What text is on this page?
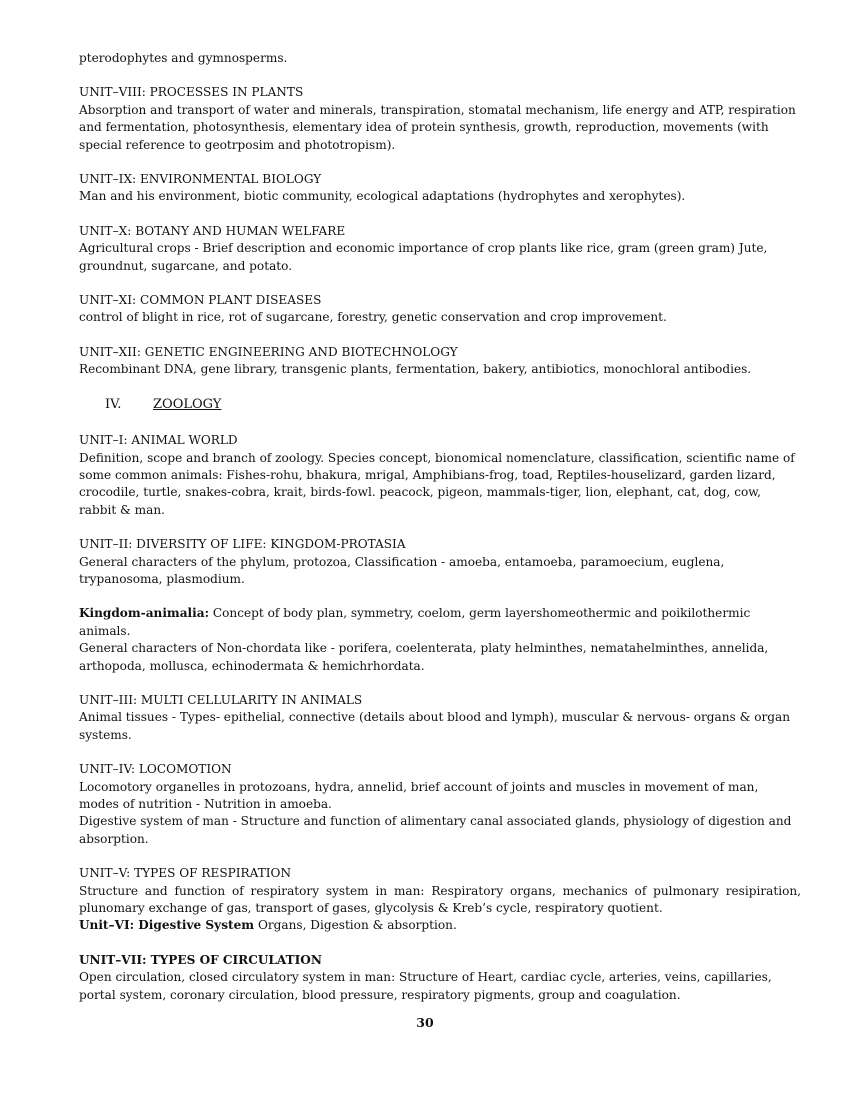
pterodophytes and gymnosperms.

UNIT–VIII: PROCESSES IN PLANTS

Absorption and transport of water and minerals, transpiration, stomatal mechanism, life energy and ATP, respiration and fermentation, photosynthesis, elementary idea of protein synthesis, growth, reproduction, movements (with special reference to geotrposim and phototropism).

UNIT–IX: ENVIRONMENTAL BIOLOGY

Man and his environment, biotic community, ecological adaptations (hydrophytes and xerophytes).

UNIT–X: BOTANY AND HUMAN WELFARE

Agricultural crops - Brief description and economic importance of crop plants like rice, gram (green gram) Jute, groundnut, sugarcane, and potato.

UNIT–XI: COMMON PLANT DISEASES

control of blight in rice, rot of sugarcane, forestry, genetic conservation and crop improvement.

UNIT–XII: GENETIC ENGINEERING AND BIOTECHNOLOGY

Recombinant DNA, gene library, transgenic plants, fermentation, bakery, antibiotics, monochloral antibodies.

IV.	ZOOLOGY

UNIT–I: ANIMAL WORLD

Definition, scope and branch of zoology. Species concept, bionomical nomenclature, classification, scientific name of some common animals: Fishes-rohu, bhakura, mrigal, Amphibians-frog, toad, Reptiles-houselizard, garden lizard, crocodile, turtle, snakes-cobra, krait, birds-fowl. peacock, pigeon, mammals-tiger, lion, elephant, cat, dog, cow, rabbit & man.

UNIT–II: DIVERSITY OF LIFE: KINGDOM-PROTASIA

General characters of the phylum, protozoa, Classification - amoeba, entamoeba, paramoecium, euglena, trypanosoma, plasmodium.

Kingdom-animalia: Concept of body plan, symmetry, coelom, germ layershomeothermic and poikilothermic animals.

General characters of Non-chordata like - porifera, coelenterata, platy helminthes, nematahelminthes, annelida, arthopoda, mollusca, echinodermata & hemichrhordata.

UNIT–III: MULTI CELLULARITY IN ANIMALS

Animal tissues - Types- epithelial, connective (details about blood and lymph), muscular & nervous- organs & organ systems.

UNIT–IV: LOCOMOTION

Locomotory organelles in protozoans, hydra, annelid, brief account of joints and muscles in movement of man, modes of nutrition - Nutrition in amoeba.

Digestive system of man - Structure and function of alimentary canal associated glands, physiology of digestion and absorption.

UNIT–V: TYPES OF RESPIRATION

Structure and function of respiratory system in man: Respiratory organs, mechanics of pulmonary resipiration, plunomary exchange of gas, transport of gases, glycolysis & Kreb’s cycle, respiratory quotient.

Unit–VI: Digestive System Organs, Digestion & absorption.

UNIT–VII: TYPES OF CIRCULATION

Open circulation, closed circulatory system in man: Structure of Heart, cardiac cycle, arteries, veins, capillaries, portal system, coronary circulation, blood pressure, respiratory pigments, group and coagulation.

30
